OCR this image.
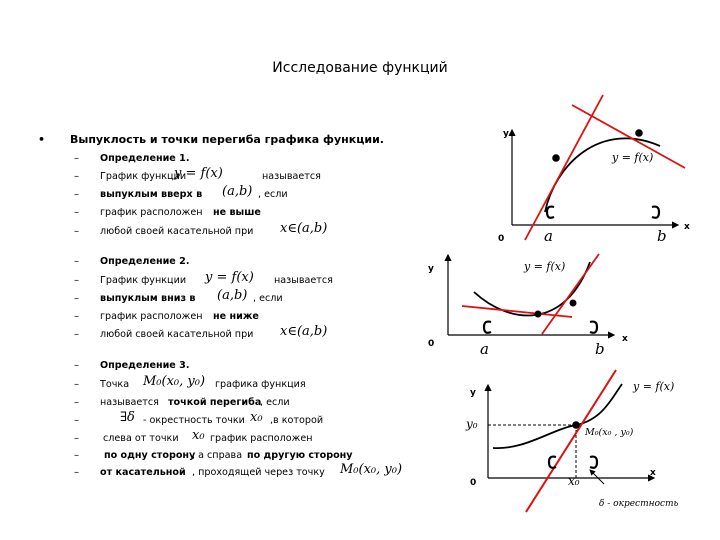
Исследование функций
• Выпуклость и точки перегиба графика функции.
– Определение 1.
– График функции
y = f(x)	называется
– выпуклым вверх в (a,b) , если
– график расположен не выше
– любой своей касательной при x∈(a,b)
– Определение 2.
– График функции y = f(x) называется
– выпуклым вниз в (a,b) , если
– график расположен не ниже
– любой своей касательной при x∈(a,b)
– Определение 3.
– Точка M₀(x₀, y₀) графика функция
– называется точкой перегиба
, если
–	∃δ - окрестность точки x₀ ,в которой
–	слева от точки x₀ график расположен
–	по одну сторону
, а справа по другую сторону
– от касательной , проходящей через точку M₀(x₀, y₀)
y
x
0	a	b
y = f(x)
y
x
0	a	b
y = f(x)
y
x
0
y₀
x₀
y = f(x)
M₀(x₀ , y₀)
δ - окрестность
